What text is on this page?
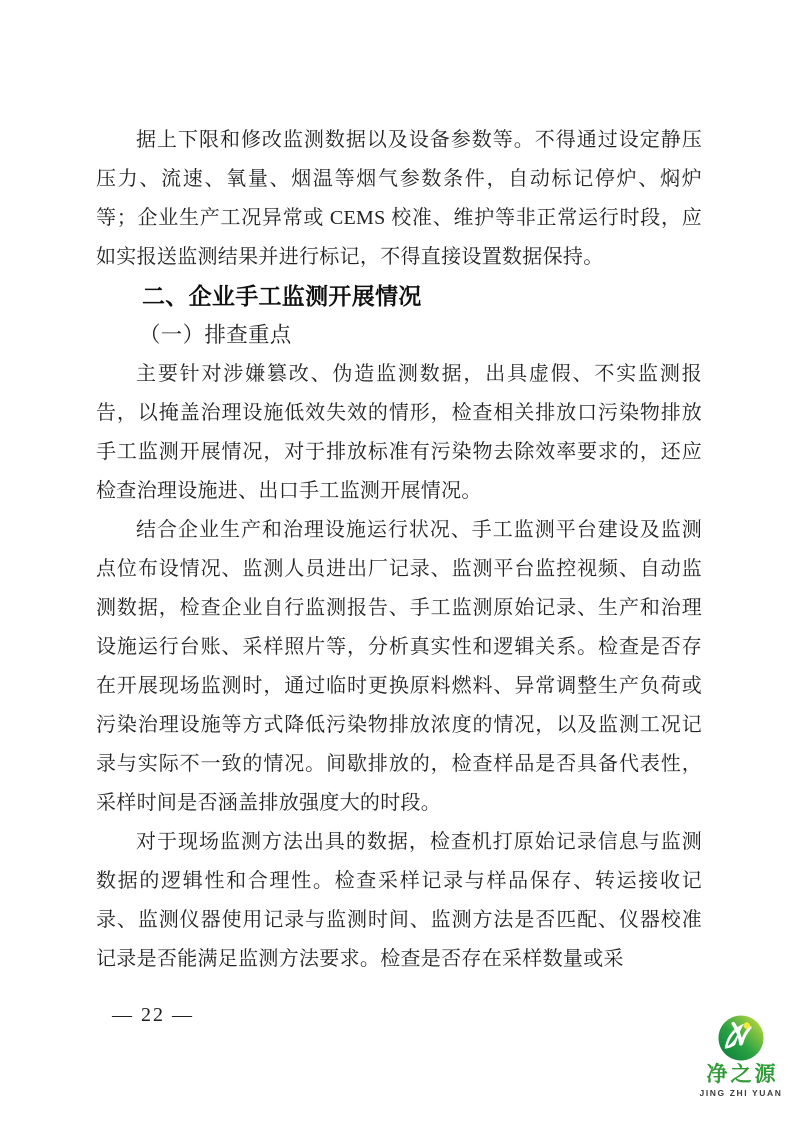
据上下限和修改监测数据以及设备参数等。不得通过设定静压压力、流速、氧量、烟温等烟气参数条件，自动标记停炉、焖炉等；企业生产工况异常或 CEMS 校准、维护等非正常运行时段，应如实报送监测结果并进行标记，不得直接设置数据保持。

二、企业手工监测开展情况
（一）排查重点

主要针对涉嫌篡改、伪造监测数据，出具虚假、不实监测报告，以掩盖治理设施低效失效的情形，检查相关排放口污染物排放手工监测开展情况，对于排放标准有污染物去除效率要求的，还应检查治理设施进、出口手工监测开展情况。

结合企业生产和治理设施运行状况、手工监测平台建设及监测点位布设情况、监测人员进出厂记录、监测平台监控视频、自动监测数据，检查企业自行监测报告、手工监测原始记录、生产和治理设施运行台账、采样照片等，分析真实性和逻辑关系。检查是否存在开展现场监测时，通过临时更换原料燃料、异常调整生产负荷或污染治理设施等方式降低污染物排放浓度的情况，以及监测工况记录与实际不一致的情况。间歇排放的，检查样品是否具备代表性，采样时间是否涵盖排放强度大的时段。

对于现场监测方法出具的数据，检查机打原始记录信息与监测数据的逻辑性和合理性。检查采样记录与样品保存、转运接收记录、监测仪器使用记录与监测时间、监测方法是否匹配、仪器校准记录是否能满足监测方法要求。检查是否存在采样数量或采

— 22 —
净之源
JING ZHI YUAN
